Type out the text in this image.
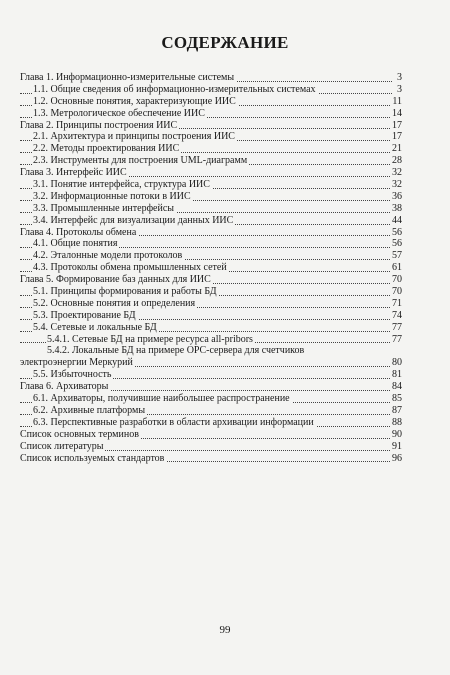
СОДЕРЖАНИЕ
Глава 1. Информационно-измерительные системы	3
1.1. Общие сведения об информационно-измерительных системах	3
1.2. Основные понятия, характеризующие ИИС	11
1.3. Метрологическое обеспечение ИИС	14
Глава 2. Принципы построения ИИС	17
2.1. Архитектура и принципы построения ИИС	17
2.2. Методы проектирования ИИС	21
2.3. Инструменты для построения UML-диаграмм	28
Глава 3. Интерфейс ИИС	32
3.1. Понятие интерфейса, структура ИИС	32
3.2. Информационные потоки в ИИС	36
3.3. Промышленные интерфейсы	38
3.4. Интерфейс для визуализации данных ИИС	44
Глава 4. Протоколы обмена	56
4.1. Общие понятия	56
4.2. Эталонные модели протоколов	57
4.3. Протоколы обмена промышленных сетей	61
Глава 5. Формирование баз данных для ИИС	70
5.1. Принципы формирования и работы БД	70
5.2. Основные понятия и определения	71
5.3. Проектирование БД	74
5.4. Сетевые и локальные БД	77
5.4.1. Сетевые БД на примере ресурса all-pribors	77
5.4.2. Локальные БД на примере OPC-сервера для счетчиков
электроэнергии Меркурий	80
5.5. Избыточность	81
Глава 6. Архиваторы	84
6.1. Архиваторы, получившие наибольшее распространение	85
6.2. Архивные платформы	87
6.3. Перспективные разработки в области архивации информации	88
Список основных терминов	90
Список литературы	91
Список используемых стандартов	96
99
